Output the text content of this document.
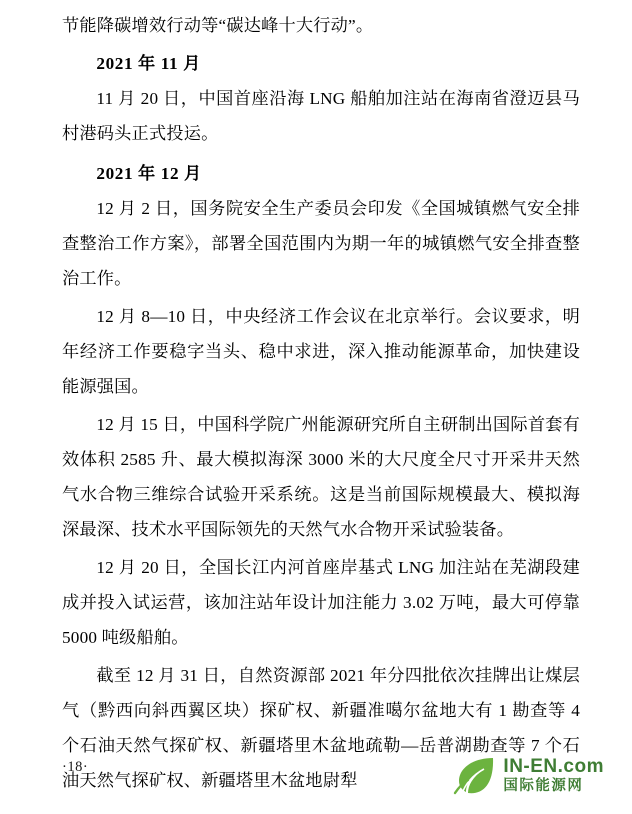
节能降碳增效行动等“碳达峰十大行动”。

2021 年 11 月

11 月 20 日，中国首座沿海 LNG 船舶加注站在海南省澄迈县马村港码头正式投运。

2021 年 12 月

12 月 2 日，国务院安全生产委员会印发《全国城镇燃气安全排查整治工作方案》，部署全国范围内为期一年的城镇燃气安全排查整治工作。

12 月 8—10 日，中央经济工作会议在北京举行。会议要求，明年经济工作要稳字当头、稳中求进，深入推动能源革命，加快建设能源强国。

12 月 15 日，中国科学院广州能源研究所自主研制出国际首套有效体积 2585 升、最大模拟海深 3000 米的大尺度全尺寸开采井天然气水合物三维综合试验开采系统。这是当前国际规模最大、模拟海深最深、技术水平国际领先的天然气水合物开采试验装备。

12 月 20 日，全国长江内河首座岸基式 LNG 加注站在芜湖段建成并投入试运营，该加注站年设计加注能力 3.02 万吨，最大可停靠 5000 吨级船舶。

截至 12 月 31 日，自然资源部 2021 年分四批依次挂牌出让煤层气（黔西向斜西翼区块）探矿权、新疆准噶尔盆地大有 1 勘查等 4 个石油天然气探矿权、新疆塔里木盆地疏勒—岳普湖勘查等 7 个石油天然气探矿权、新疆塔里木盆地尉犁

·18·	IN-EN.com
国际能源网
